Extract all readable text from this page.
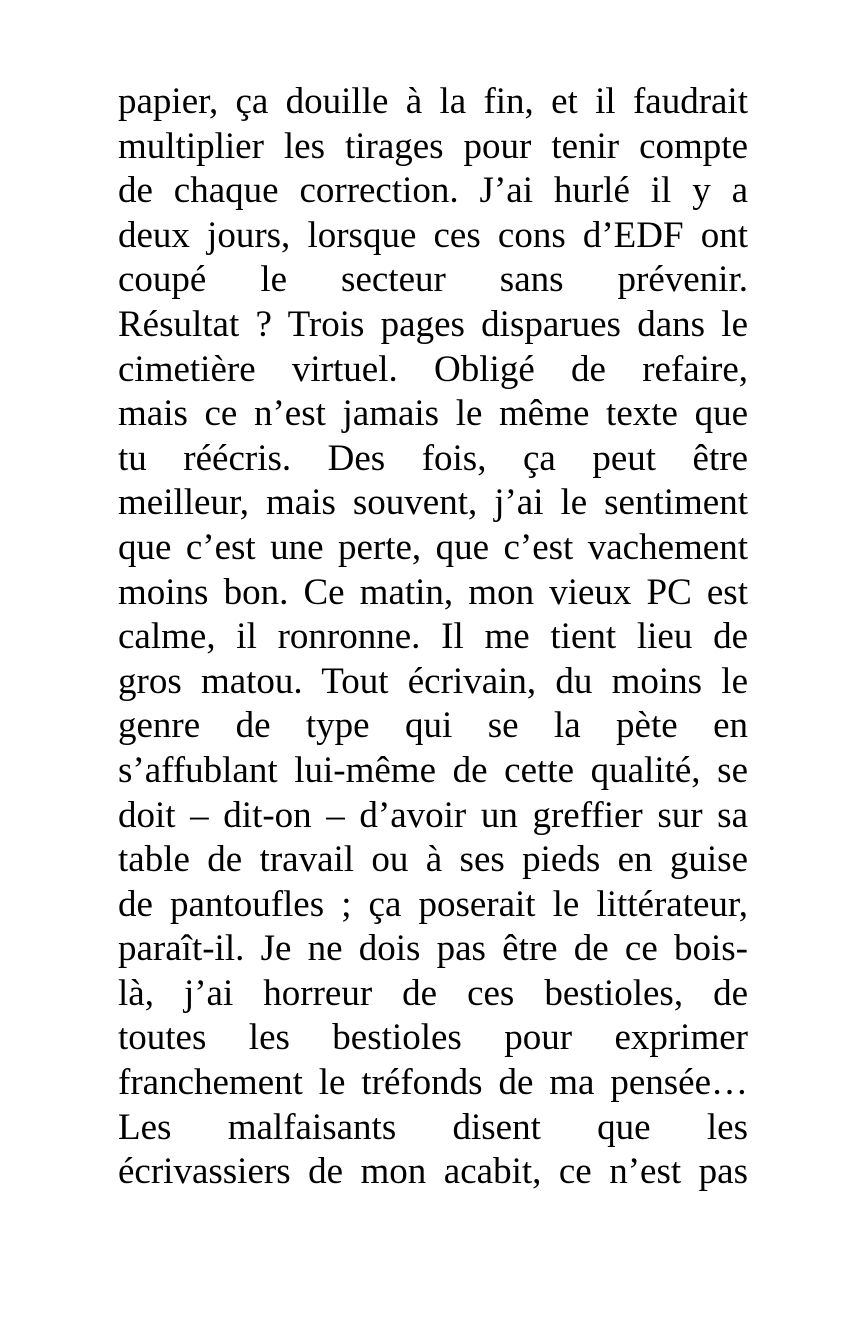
papier, ça douille à la fin, et il faudrait
multiplier les tirages pour tenir compte
de chaque correction. J’ai hurlé il y a
deux jours, lorsque ces cons d’EDF ont
coupé le secteur sans prévenir.
Résultat ? Trois pages disparues dans le
cimetière virtuel. Obligé de refaire,
mais ce n’est jamais le même texte que
tu réécris. Des fois, ça peut être
meilleur, mais souvent, j’ai le sentiment
que c’est une perte, que c’est vachement
moins bon. Ce matin, mon vieux PC est
calme, il ronronne. Il me tient lieu de
gros matou. Tout écrivain, du moins le
genre de type qui se la pète en
s’affublant lui-même de cette qualité, se
doit – dit-on – d’avoir un greffier sur sa
table de travail ou à ses pieds en guise
de pantoufles ; ça poserait le littérateur,
paraît-il. Je ne dois pas être de ce bois-
là, j’ai horreur de ces bestioles, de
toutes les bestioles pour exprimer
franchement le tréfonds de ma pensée…
Les malfaisants disent que les
écrivassiers de mon acabit, ce n’est pas
